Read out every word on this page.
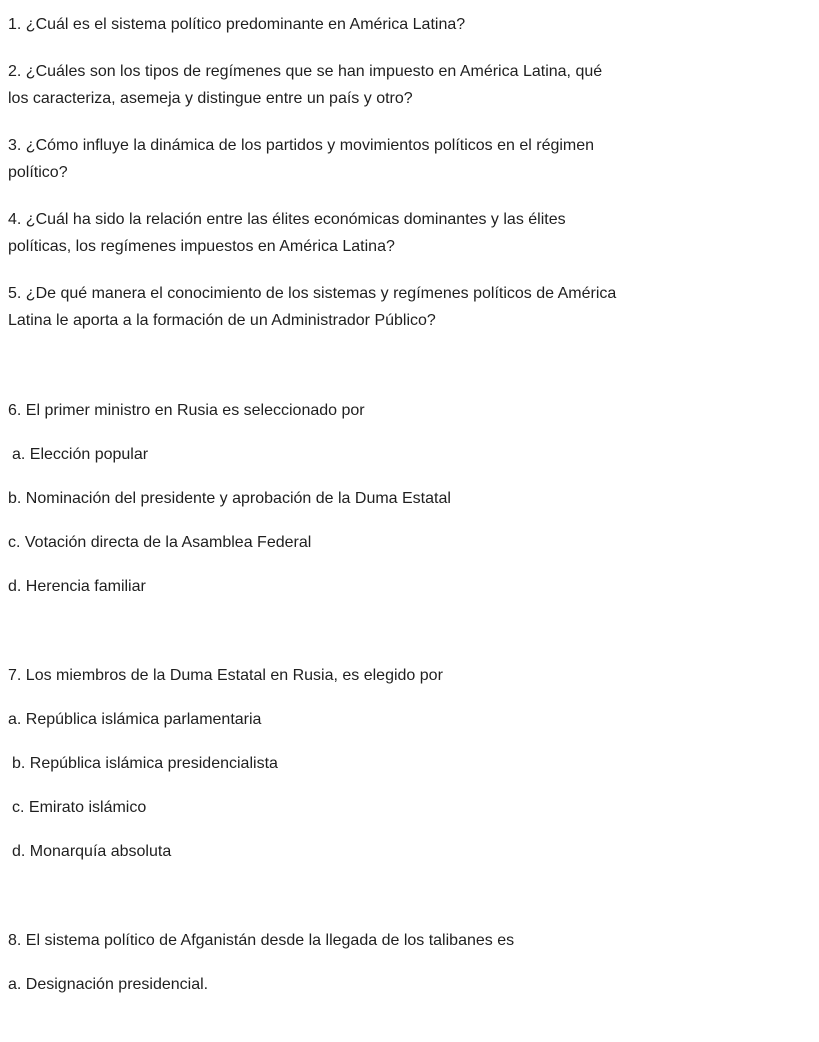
1. ¿Cuál es el sistema político predominante en América Latina?
2. ¿Cuáles son los tipos de regímenes que se han impuesto en América Latina, qué
los caracteriza, asemeja y distingue entre un país y otro?
3. ¿Cómo influye la dinámica de los partidos y movimientos políticos en el régimen
político?
4. ¿Cuál ha sido la relación entre las élites económicas dominantes y las élites
políticas, los regímenes impuestos en América Latina?
5. ¿De qué manera el conocimiento de los sistemas y regímenes políticos de América
Latina le aporta a la formación de un Administrador Público?
6. El primer ministro en Rusia es seleccionado por
a. Elección popular
b. Nominación del presidente y aprobación de la Duma Estatal
c. Votación directa de la Asamblea Federal
d. Herencia familiar
7. Los miembros de la Duma Estatal en Rusia, es elegido por
a. República islámica parlamentaria
b. República islámica presidencialista
c. Emirato islámico
d. Monarquía absoluta
8. El sistema político de Afganistán desde la llegada de los talibanes es
a. Designación presidencial.
